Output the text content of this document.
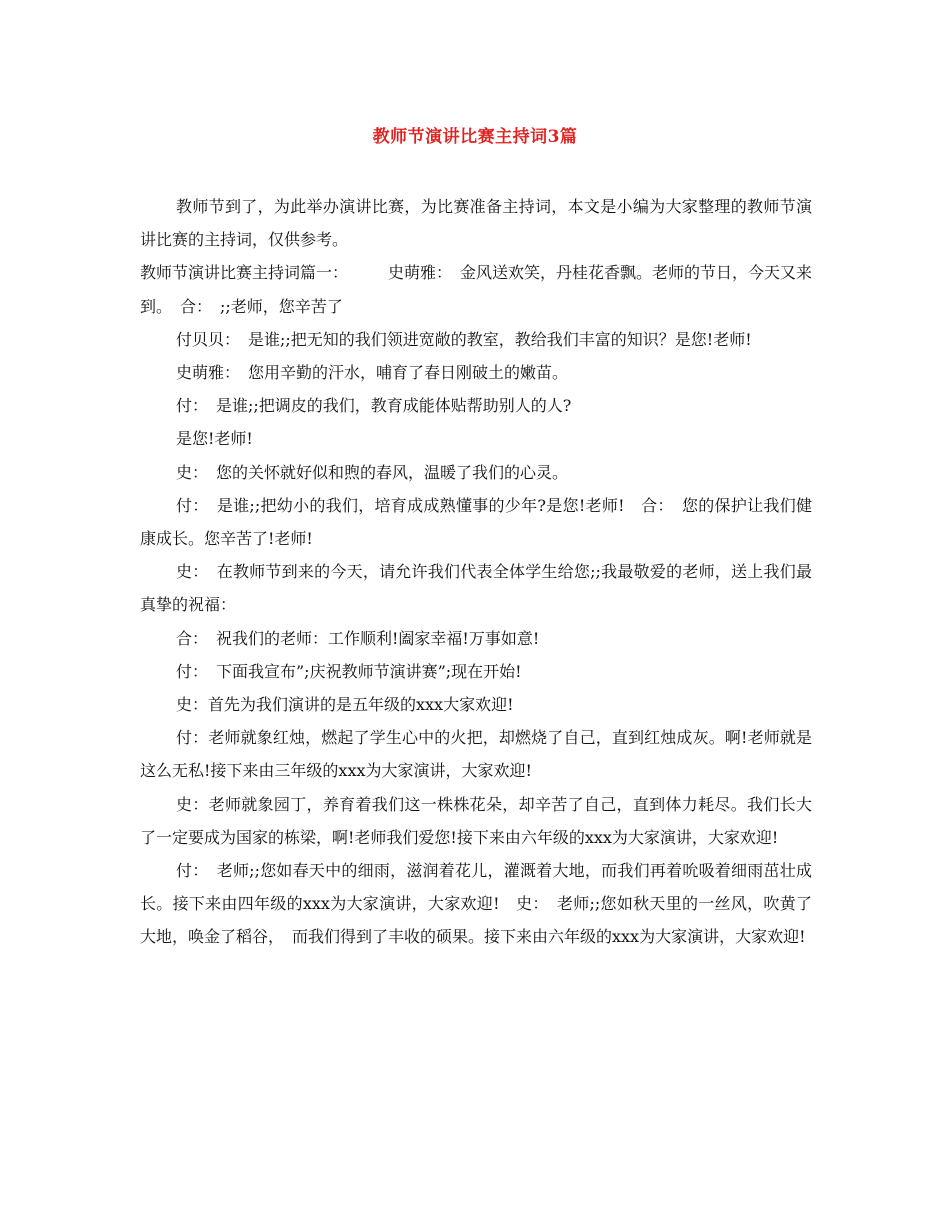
教师节演讲比赛主持词3篇

教师节到了，为此举办演讲比赛，为比赛准备主持词，本文是小编为大家整理的教师节演讲比赛的主持词，仅供参考。

教师节演讲比赛主持词篇一：　　　史萌雅：　金风送欢笑，丹桂花香飘。老师的节日，今天又来到。　合：　;;老师，您辛苦了

付贝贝：　是谁;;把无知的我们领进宽敞的教室，教给我们丰富的知识？是您!老师!

史萌雅：　您用辛勤的汗水，哺育了春日刚破土的嫩苗。

付：　是谁;;把调皮的我们，教育成能体贴帮助别人的人?

是您!老师!

史：　您的关怀就好似和煦的春风，温暖了我们的心灵。

付：　是谁;;把幼小的我们，培育成成熟懂事的少年?是您!老师!　合：　您的保护让我们健康成长。您辛苦了!老师!

史：　在教师节到来的今天，请允许我们代表全体学生给您;;我最敬爱的老师，送上我们最真挚的祝福：

合：　祝我们的老师：工作顺利!阖家幸福!万事如意!

付：　下面我宣布”;庆祝教师节演讲赛”;现在开始!

史：首先为我们演讲的是五年级的xxx大家欢迎!

付：老师就象红烛，燃起了学生心中的火把，却燃烧了自己，直到红烛成灰。啊!老师就是这么无私!接下来由三年级的xxx为大家演讲，大家欢迎!

史：老师就象园丁，养育着我们这一株株花朵，却辛苦了自己，直到体力耗尽。我们长大了一定要成为国家的栋梁，啊!老师我们爱您!接下来由六年级的xxx为大家演讲，大家欢迎!

付：　老师;;您如春天中的细雨，滋润着花儿，灌溉着大地，而我们再着吮吸着细雨茁壮成长。接下来由四年级的xxx为大家演讲，大家欢迎!　史：　老师;;您如秋天里的一丝风，吹黄了大地，唤金了稻谷，　而我们得到了丰收的硕果。接下来由六年级的xxx为大家演讲，大家欢迎!
